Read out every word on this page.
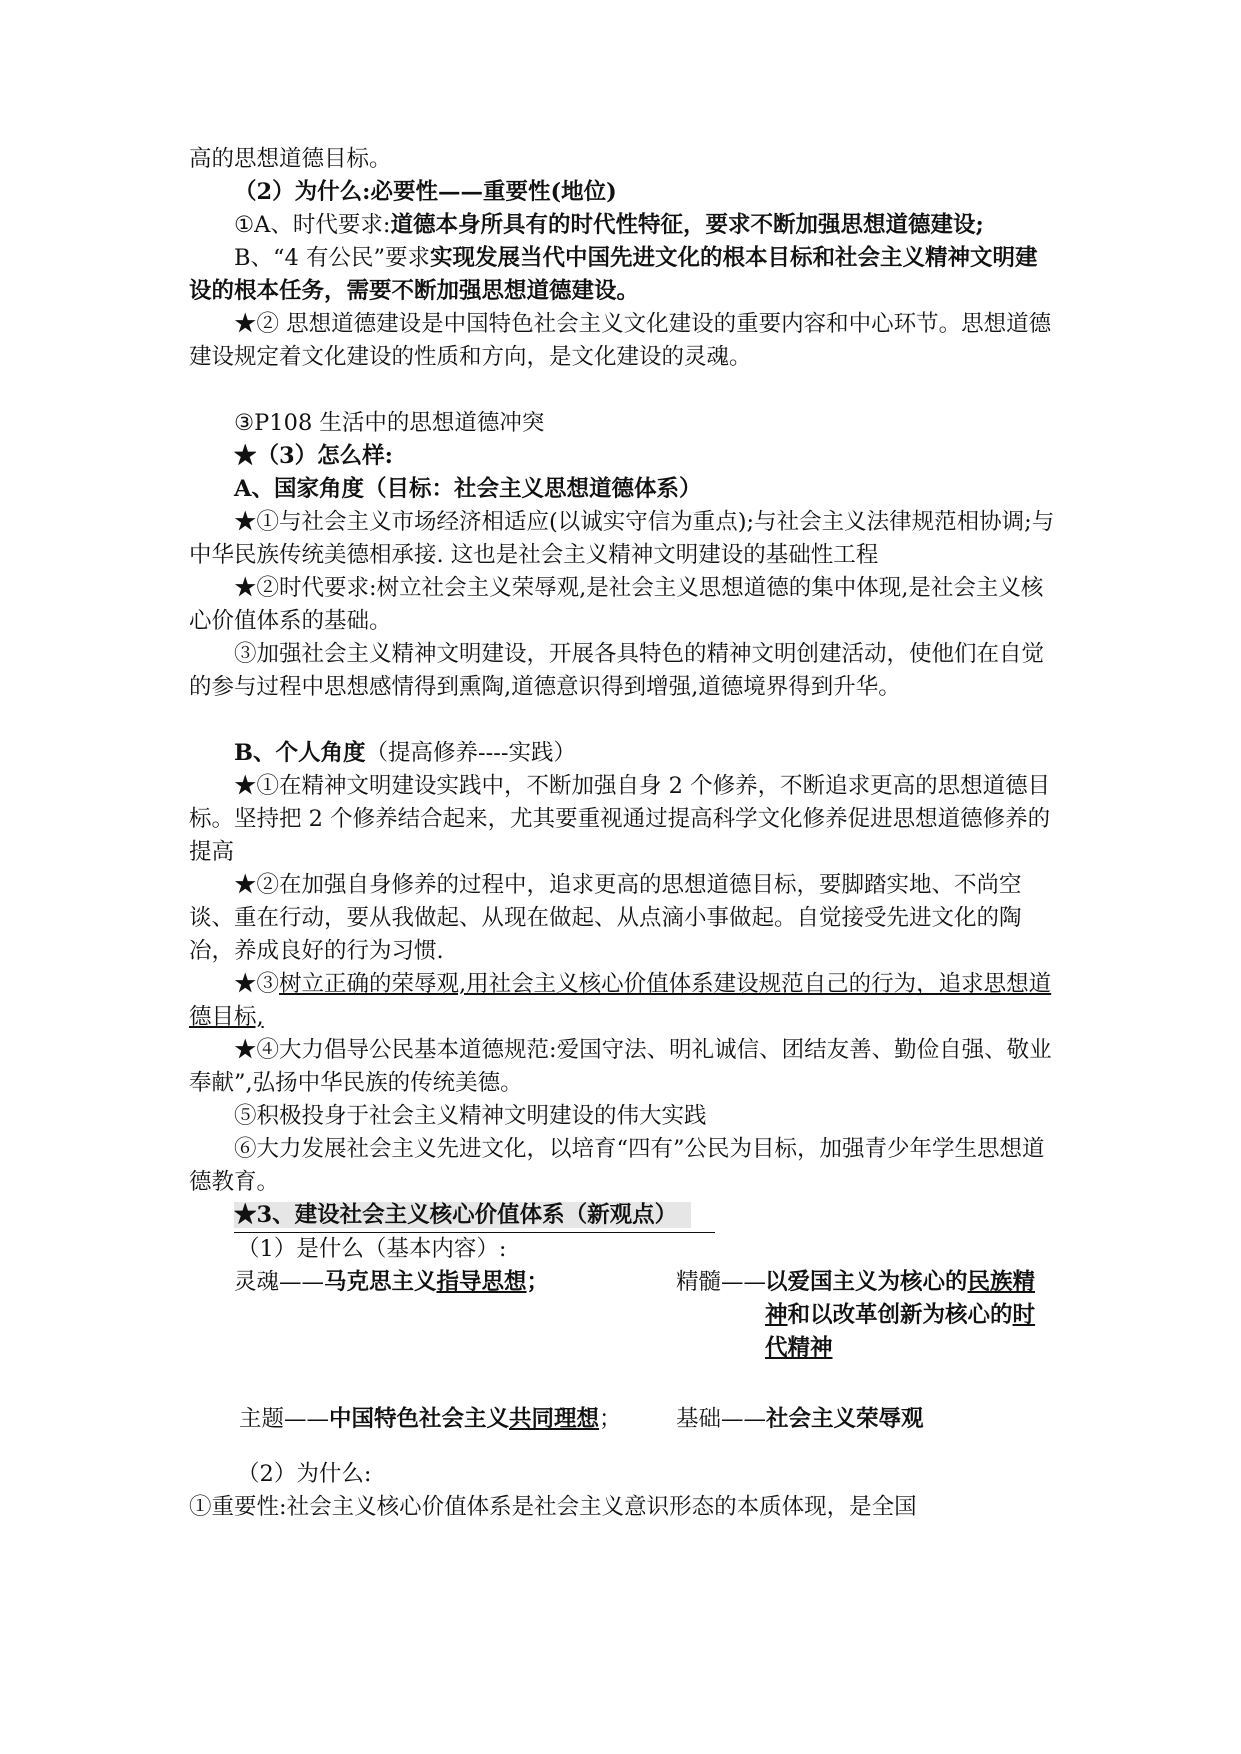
高的思想道德目标。

（2）为什么:必要性——重要性(地位)

①A、时代要求:道德本身所具有的时代性特征，要求不断加强思想道德建设;

B、“4 有公民”要求实现发展当代中国先进文化的根本目标和社会主义精神文明建设的根本任务，需要不断加强思想道德建设。

★② 思想道德建设是中国特色社会主义文化建设的重要内容和中心环节。思想道德建设规定着文化建设的性质和方向，是文化建设的灵魂。

③P108 生活中的思想道德冲突

★（3）怎么样:

A、国家角度（目标：社会主义思想道德体系）

★①与社会主义市场经济相适应(以诚实守信为重点);与社会主义法律规范相协调;与中华民族传统美德相承接. 这也是社会主义精神文明建设的基础性工程

★②时代要求:树立社会主义荣辱观,是社会主义思想道德的集中体现,是社会主义核心价值体系的基础。

③加强社会主义精神文明建设，开展各具特色的精神文明创建活动，使他们在自觉的参与过程中思想感情得到熏陶,道德意识得到增强,道德境界得到升华。

B、个人角度（提高修养----实践）

★①在精神文明建设实践中，不断加强自身 2 个修养，不断追求更高的思想道德目标。坚持把 2 个修养结合起来，尤其要重视通过提高科学文化修养促进思想道德修养的提高

★②在加强自身修养的过程中，追求更高的思想道德目标，要脚踏实地、不尚空谈、重在行动，要从我做起、从现在做起、从点滴小事做起。自觉接受先进文化的陶冶，养成良好的行为习惯.

★③树立正确的荣辱观,用社会主义核心价值体系建设规范自己的行为，追求思想道德目标,

★④大力倡导公民基本道德规范:爱国守法、明礼诚信、团结友善、勤俭自强、敬业奉献”,弘扬中华民族的传统美德。

⑤积极投身于社会主义精神文明建设的伟大实践

⑥大力发展社会主义先进文化，以培育“四有”公民为目标，加强青少年学生思想道德教育。

★3、建设社会主义核心价值体系（新观点）

（1）是什么（基本内容）:

灵魂——马克思主义指导思想；	精髓——
以爱国主义为核心的民族精神和以改革创新为核心的时代精神
主题——中国特色社会主义共同理想； 基础——社会主义荣辱观

（2）为什么:

①重要性:社会主义核心价值体系是社会主义意识形态的本质体现，是全国
